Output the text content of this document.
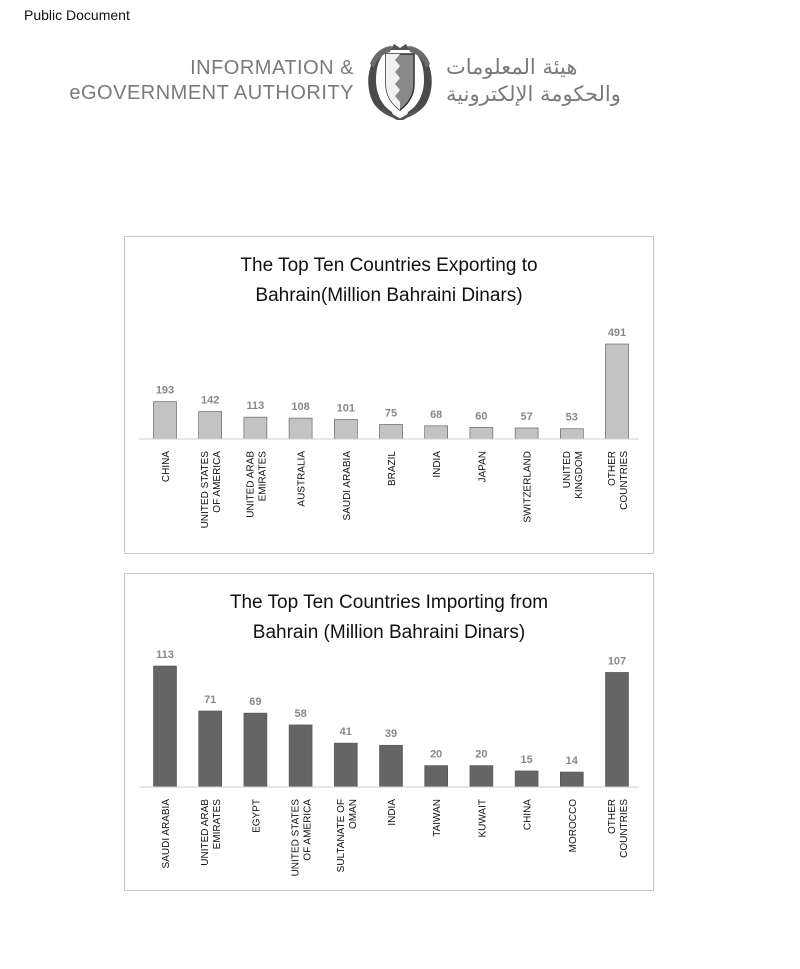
Public Document
INFORMATION &
eGOVERNMENT AUTHORITY
هيئة المعلومات
والحكومة الإلكترونية
The Top Ten Countries Exporting to
Bahrain(Million Bahraini Dinars)
193
CHINA
142
UNITED STATES OF AMERICA
113
UNITED ARAB EMIRATES
108
AUSTRALIA
101
SAUDI ARABIA
75
BRAZIL
68
INDIA
60
JAPAN
57
SWITZERLAND
53
UNITED KINGDOM
491
OTHER COUNTRIES
The Top Ten Countries Importing from
Bahrain (Million Bahraini Dinars)
113
SAUDI ARABIA
71
UNITED ARAB EMIRATES
69
EGYPT
58
UNITED STATES OF AMERICA
41
SULTANATE OF OMAN
39
INDIA
20
TAIWAN
20
KUWAIT
15
CHINA
14
MOROCCO
107
OTHER COUNTRIES
